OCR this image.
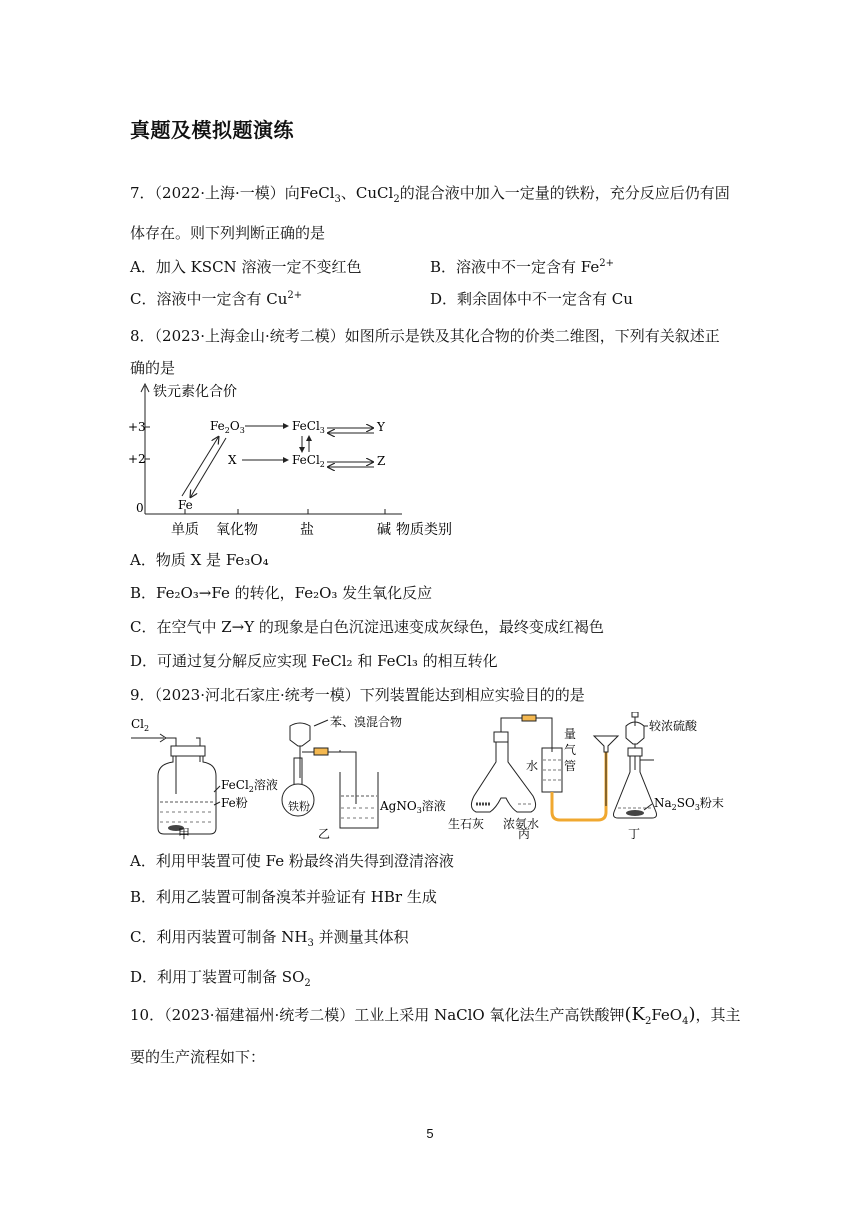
真题及模拟题演练
7．（2022·上海·一模）向FeCl$_3$、CuCl$_2$的混合液中加入一定量的铁粉，充分反应后仍有固
体存在。则下列判断正确的是
A．加入 KSCN 溶液一定不变红色	B．溶液中不一定含有 $Fe^{2+}$
C．溶液中一定含有 $Cu^{2+}$	D．剩余固体中不一定含有 Cu
8．（2023·上海金山·统考二模）如图所示是铁及其化合物的价类二维图，下列有关叙述正
确的是
铁元素化合价
+3
+2
0
单质 氧化物	盐	碱 物质类别
$Fe_2O_3$	FeCl$_3$	Y
X	FeCl$_2$	Z
Fe
A．物质 X 是 Fe₃O₄
B．Fe₂O₃→Fe 的转化，Fe₂O₃ 发生氧化反应
C．在空气中 Z→Y 的现象是白色沉淀迅速变成灰绿色，最终变成红褐色
D．可通过复分解反应实现 FeCl₂ 和 FeCl₃ 的相互转化
9．（2023·河北石家庄·统考一模）下列装置能达到相应实验目的的是
$Cl_2$
FeCl$_2$溶液
Fe粉
甲
苯、溴混合物
铁粉	AgNO$_3$溶液
乙
水
量
气
管
生石灰 浓氨水
丙
较浓硫酸
$Na_2SO_3$粉末
丁
A．利用甲装置可使 Fe 粉最终消失得到澄清溶液
B．利用乙装置可制备溴苯并验证有 HBr 生成
C．利用丙装置可制备 $NH_3$ 并测量其体积
D．利用丁装置可制备 $SO_2$
10．（2023·福建福州·统考二模）工业上采用 NaClO 氧化法生产高铁酸钾$(K_2FeO_4)$，其主
要的生产流程如下：
5
